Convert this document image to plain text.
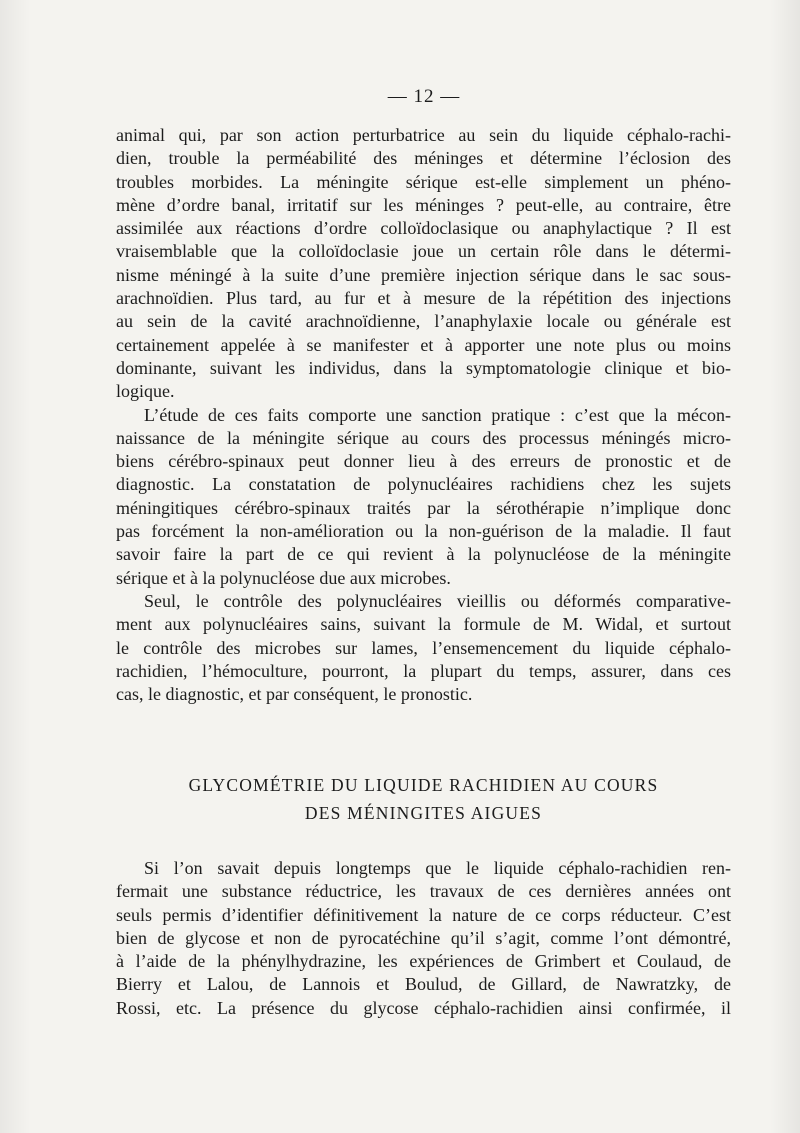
— 12 —

animal qui, par son action perturbatrice au sein du liquide céphalo-rachi-
dien, trouble la perméabilité des méninges et détermine l’éclosion des
troubles morbides. La méningite sérique est-elle simplement un phéno-
mène d’ordre banal, irritatif sur les méninges ? peut-elle, au contraire, être
assimilée aux réactions d’ordre colloïdoclasique ou anaphylactique ? Il est
vraisemblable que la colloïdoclasie joue un certain rôle dans le détermi-
nisme méningé à la suite d’une première injection sérique dans le sac sous-
arachnoïdien. Plus tard, au fur et à mesure de la répétition des injections
au sein de la cavité arachnoïdienne, l’anaphylaxie locale ou générale est
certainement appelée à se manifester et à apporter une note plus ou moins
dominante, suivant les individus, dans la symptomatologie clinique et bio-
logique.

L’étude de ces faits comporte une sanction pratique : c’est que la mécon-
naissance de la méningite sérique au cours des processus méningés micro-
biens cérébro-spinaux peut donner lieu à des erreurs de pronostic et de
diagnostic. La constatation de polynucléaires rachidiens chez les sujets
méningitiques cérébro-spinaux traités par la sérothérapie n’implique donc
pas forcément la non-amélioration ou la non-guérison de la maladie. Il faut
savoir faire la part de ce qui revient à la polynucléose de la méningite
sérique et à la polynucléose due aux microbes.

Seul, le contrôle des polynucléaires vieillis ou déformés comparative-
ment aux polynucléaires sains, suivant la formule de M. Widal, et surtout
le contrôle des microbes sur lames, l’ensemencement du liquide céphalo-
rachidien, l’hémoculture, pourront, la plupart du temps, assurer, dans ces
cas, le diagnostic, et par conséquent, le pronostic.

GLYCOMÉTRIE DU LIQUIDE RACHIDIEN AU COURS
DES MÉNINGITES AIGUES

Si l’on savait depuis longtemps que le liquide céphalo-rachidien ren-
fermait une substance réductrice, les travaux de ces dernières années ont
seuls permis d’identifier définitivement la nature de ce corps réducteur. C’est
bien de glycose et non de pyrocatéchine qu’il s’agit, comme l’ont démontré,
à l’aide de la phénylhydrazine, les expériences de Grimbert et Coulaud, de
Bierry et Lalou, de Lannois et Boulud, de Gillard, de Nawratzky, de
Rossi, etc. La présence du glycose céphalo-rachidien ainsi confirmée, il
